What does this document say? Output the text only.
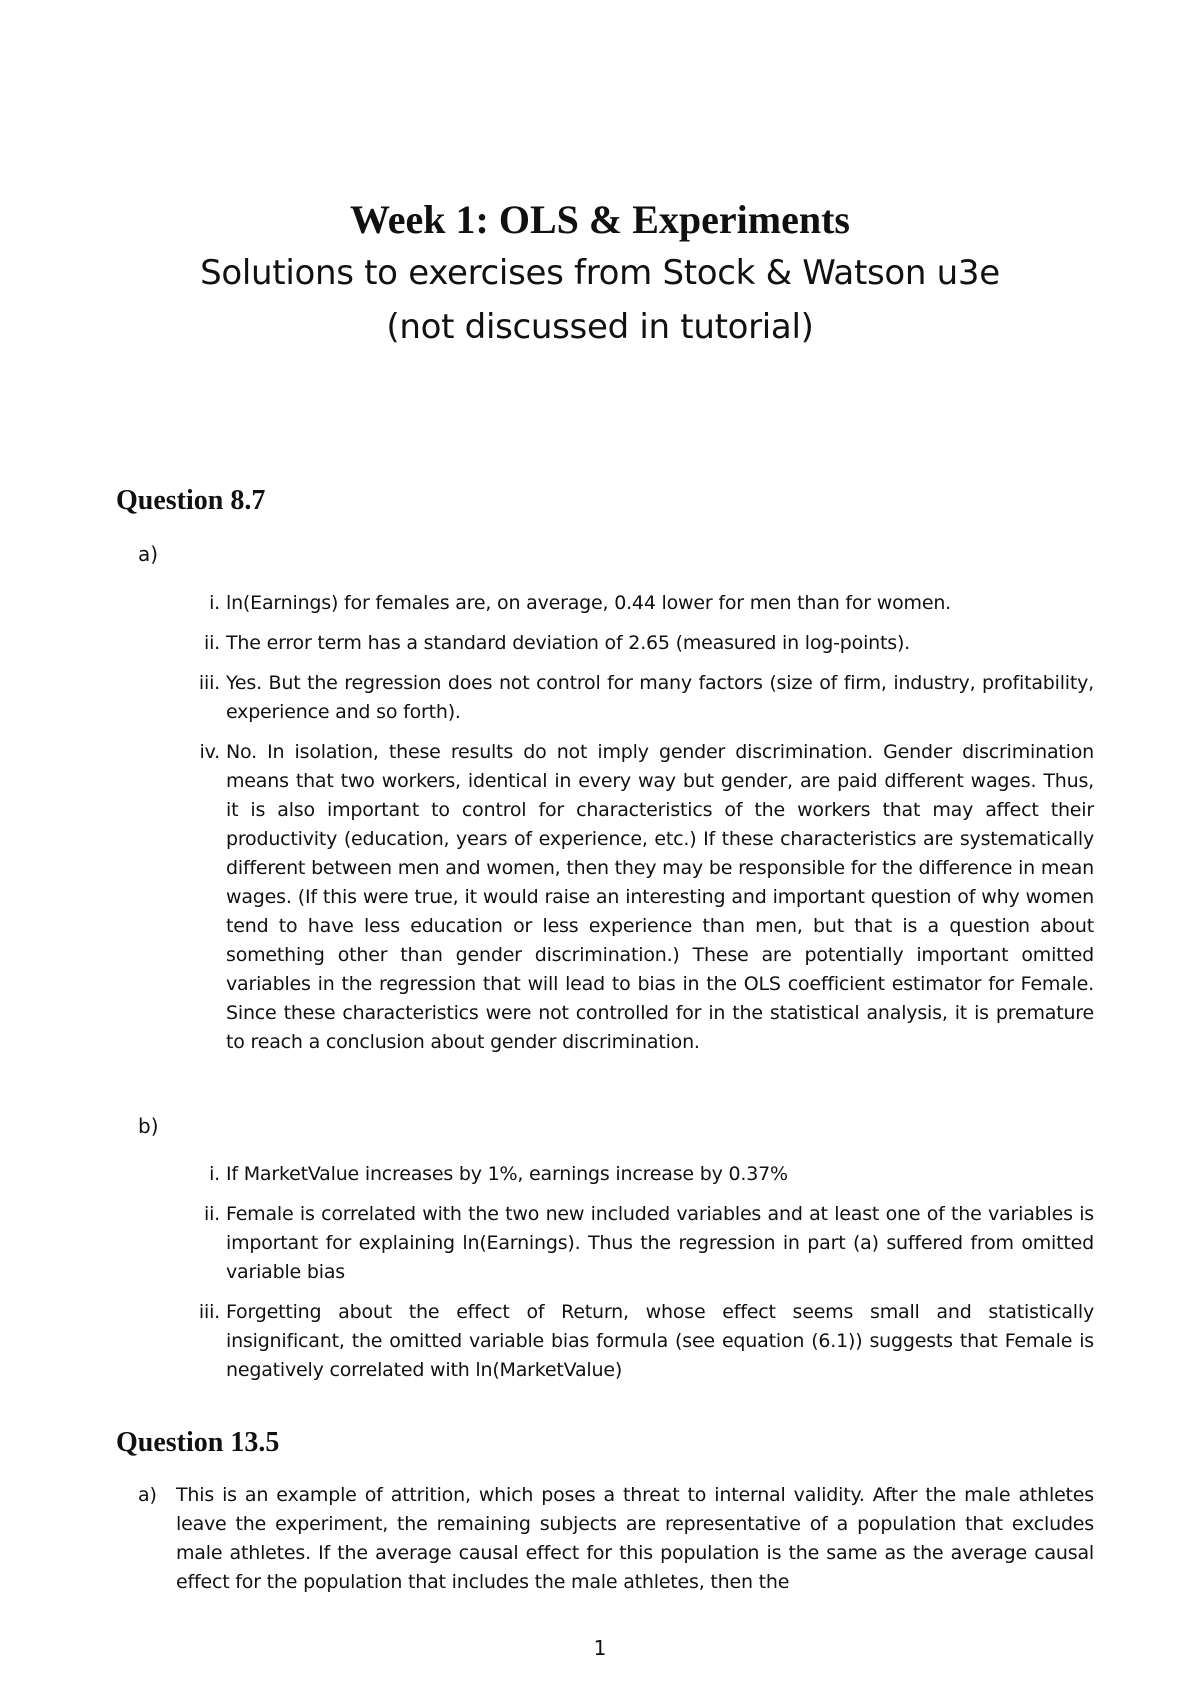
Week 1: OLS & Experiments
Solutions to exercises from Stock & Watson u3e
(not discussed in tutorial)
Question 8.7
a)
i. ln(Earnings) for females are, on average, 0.44 lower for men than for women.
ii. The error term has a standard deviation of 2.65 (measured in log-points).
iii. Yes. But the regression does not control for many factors (size of firm, industry, profitability, experience and so forth).
iv. No. In isolation, these results do not imply gender discrimination. Gender discrimination means that two workers, identical in every way but gender, are paid different wages. Thus, it is also important to control for characteristics of the workers that may affect their productivity (education, years of experience, etc.) If these characteristics are systematically different between men and women, then they may be responsible for the difference in mean wages. (If this were true, it would raise an interesting and important question of why women tend to have less education or less experience than men, but that is a question about something other than gender discrimination.) These are potentially important omitted variables in the regression that will lead to bias in the OLS coefficient estimator for Female. Since these characteristics were not controlled for in the statistical analysis, it is premature to reach a conclusion about gender discrimination.
b)
i. If MarketValue increases by 1%, earnings increase by 0.37%
ii. Female is correlated with the two new included variables and at least one of the variables is important for explaining ln(Earnings). Thus the regression in part (a) suffered from omitted variable bias
iii. Forgetting about the effect of Return, whose effect seems small and statistically insignificant, the omitted variable bias formula (see equation (6.1)) suggests that Female is negatively correlated with ln(MarketValue)
Question 13.5
a) This is an example of attrition, which poses a threat to internal validity. After the male athletes leave the experiment, the remaining subjects are representative of a population that excludes male athletes. If the average causal effect for this population is the same as the average causal effect for the population that includes the male athletes, then the
1
